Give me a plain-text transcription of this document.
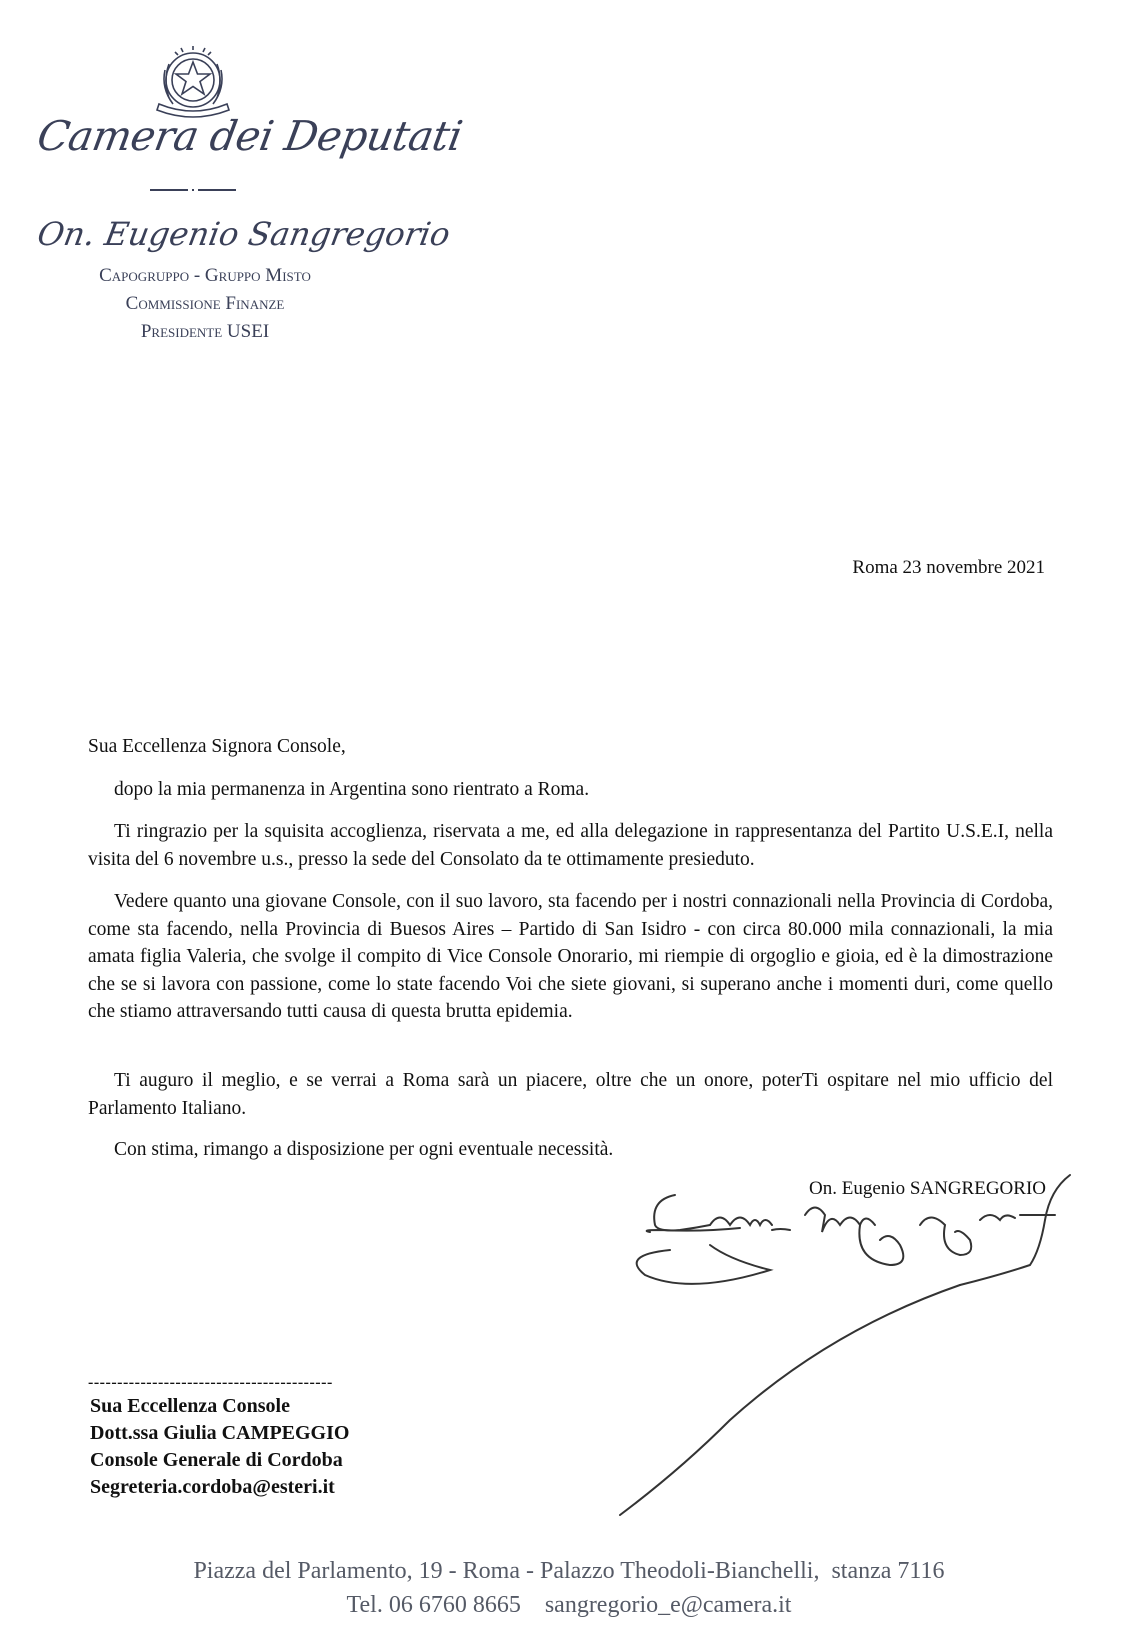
Camera dei Deputati
On. Eugenio Sangregorio
Capogruppo - Gruppo Misto
Commissione Finanze
Presidente USEI
Roma 23 novembre 2021
Sua Eccellenza Signora Console,

dopo la mia permanenza in Argentina sono rientrato a Roma.

Ti ringrazio per la squisita accoglienza, riservata a me, ed alla delegazione in rappresentanza del Partito U.S.E.I, nella visita del 6 novembre u.s., presso la sede del Consolato da te ottimamente presieduto.

Vedere quanto una giovane Console, con il suo lavoro, sta facendo per i nostri connazionali nella Provincia di Cordoba, come sta facendo, nella Provincia di Buesos Aires – Partido di San Isidro - con circa 80.000 mila connazionali, la mia amata figlia Valeria, che svolge il compito di Vice Console Onorario, mi riempie di orgoglio e gioia, ed è la dimostrazione che se si lavora con passione, come lo state facendo Voi che siete giovani, si superano anche i momenti duri, come quello che stiamo attraversando tutti causa di questa brutta epidemia.

Ti auguro il meglio, e se verrai a Roma sarà un piacere, oltre che un onore, poterTi ospitare nel mio ufficio del Parlamento Italiano.

Con stima, rimango a disposizione per ogni eventuale necessità.

On. Eugenio SANGREGORIO
------------------------------------------
Sua Eccellenza Console
Dott.ssa Giulia CAMPEGGIO
Console Generale di Cordoba
Segreteria.cordoba@esteri.it
Piazza del Parlamento, 19 - Roma - Palazzo Theodoli-Bianchelli,  stanza 7116
Tel. 06 6760 8665    sangregorio_e@camera.it
